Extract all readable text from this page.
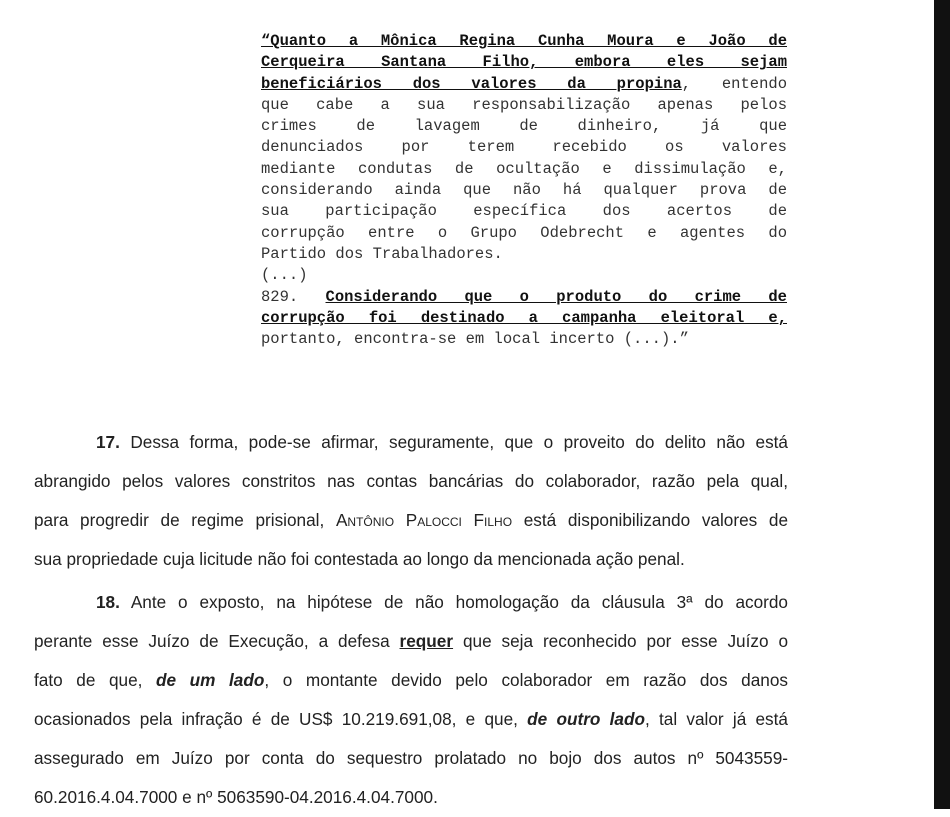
“Quanto a Mônica Regina Cunha Moura e João de
Cerqueira Santana Filho, embora eles sejam
beneficiários dos valores da propina, entendo
que cabe a sua responsabilização apenas pelos
crimes de lavagem de dinheiro, já que
denunciados por terem recebido os valores
mediante condutas de ocultação e dissimulação e,
considerando ainda que não há qualquer prova de
sua participação específica dos acertos de
corrupção entre o Grupo Odebrecht e agentes do
Partido dos Trabalhadores.
(...)
829. Considerando que o produto do crime de
corrupção foi destinado a campanha eleitoral e,
portanto, encontra-se em local incerto (...).”
17. Dessa forma, pode-se afirmar, seguramente, que o proveito do delito não está
abrangido pelos valores constritos nas contas bancárias do colaborador, razão pela qual,
para progredir de regime prisional, Antônio Palocci Filho está disponibilizando valores de
sua propriedade cuja licitude não foi contestada ao longo da mencionada ação penal.
18. Ante o exposto, na hipótese de não homologação da cláusula 3ª do acordo
perante esse Juízo de Execução, a defesa requer que seja reconhecido por esse Juízo o
fato de que, de um lado, o montante devido pelo colaborador em razão dos danos
ocasionados pela infração é de US$ 10.219.691,08, e que, de outro lado, tal valor já está
assegurado em Juízo por conta do sequestro prolatado no bojo dos autos nº 5043559-
60.2016.4.04.7000 e nº 5063590-04.2016.4.04.7000.
